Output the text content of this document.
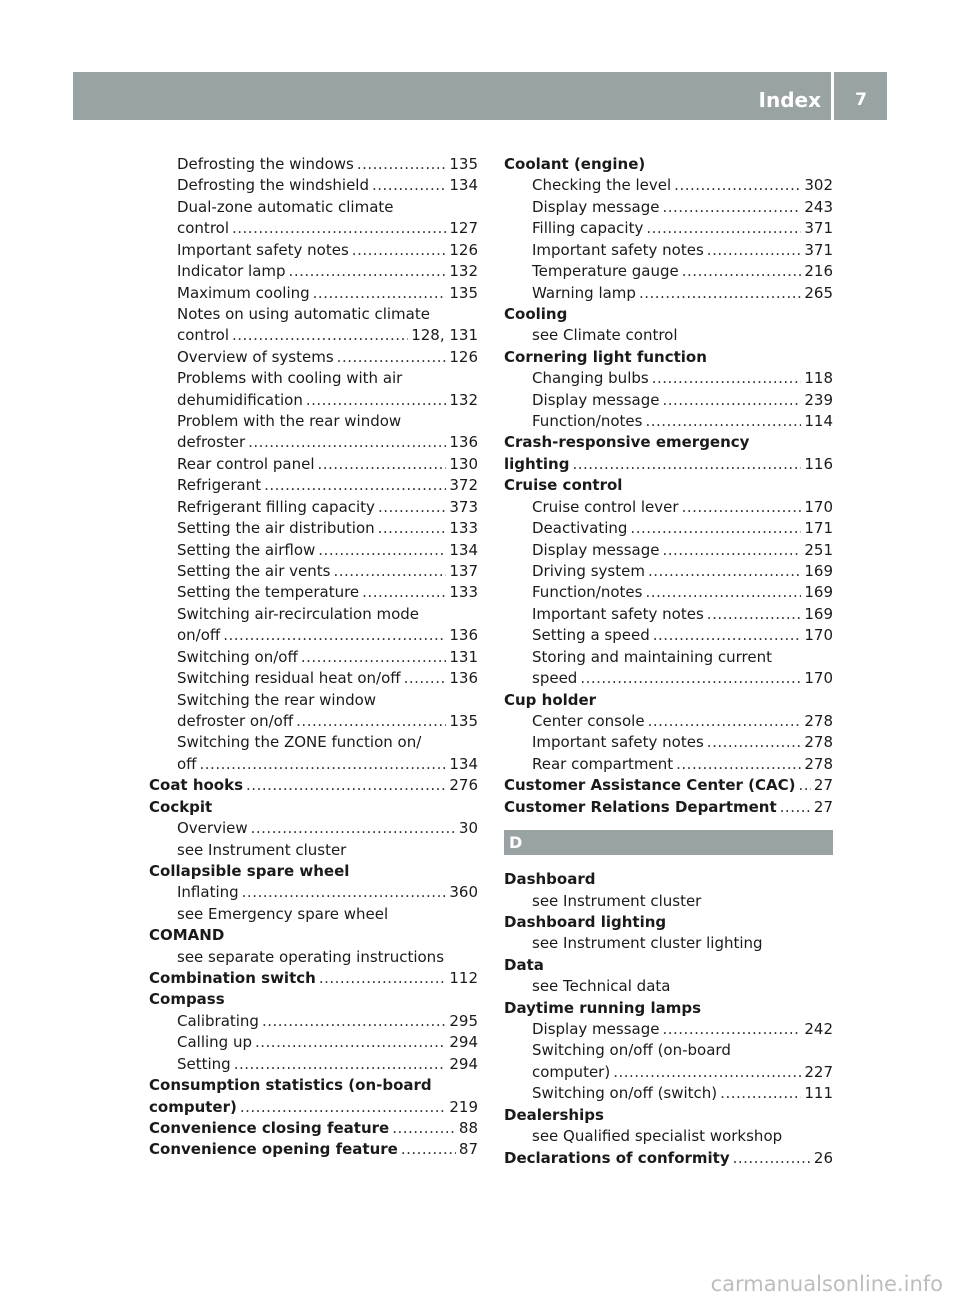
Index 7
Defrosting the windows .....	135
Defrosting the windshield .....	134
Dual-zone automatic climate
control .....	127
Important safety notes .....	126
Indicator lamp .....	132
Maximum cooling .....	135
Notes on using automatic climate
control .....	128, 131
Overview of systems .....	126
Problems with cooling with air
dehumidification .....	132
Problem with the rear window
defroster .....	136
Rear control panel .....	130
Refrigerant .....	372
Refrigerant filling capacity .....	373
Setting the air distribution .....	133
Setting the airflow .....	134
Setting the air vents .....	137
Setting the temperature .....	133
Switching air-recirculation mode
on/off .....	136
Switching on/off .....	131
Switching residual heat on/off .....	136
Switching the rear window
defroster on/off .....	135
Switching the ZONE function on/
off .....	134
Coat hooks .....	276
Cockpit
Overview .....	30
see Instrument cluster
Collapsible spare wheel
Inflating .....	360
see Emergency spare wheel
COMAND
see separate operating instructions
Combination switch .....	112
Compass
Calibrating .....	295
Calling up .....	294
Setting .....	294
Consumption statistics (on-board
computer) .....	219
Convenience closing feature .....	88
Convenience opening feature .....	87
Coolant (engine)
Checking the level .....	302
Display message .....	243
Filling capacity .....	371
Important safety notes .....	371
Temperature gauge .....	216
Warning lamp .....	265
Cooling
see Climate control
Cornering light function
Changing bulbs .....	118
Display message .....	239
Function/notes .....	114
Crash-responsive emergency
lighting .....	116
Cruise control
Cruise control lever .....	170
Deactivating .....	171
Display message .....	251
Driving system .....	169
Function/notes .....	169
Important safety notes .....	169
Setting a speed .....	170
Storing and maintaining current
speed .....	170
Cup holder
Center console .....	278
Important safety notes .....	278
Rear compartment .....	278
Customer Assistance Center (CAC) ..... 27
Customer Relations Department ..... 27
D
Dashboard
see Instrument cluster
Dashboard lighting
see Instrument cluster lighting
Data
see Technical data
Daytime running lamps
Display message .....	242
Switching on/off (on-board
computer) .....	227
Switching on/off (switch) .....	111
Dealerships
see Qualified specialist workshop
Declarations of conformity .....	26
carmanualsonline.info
